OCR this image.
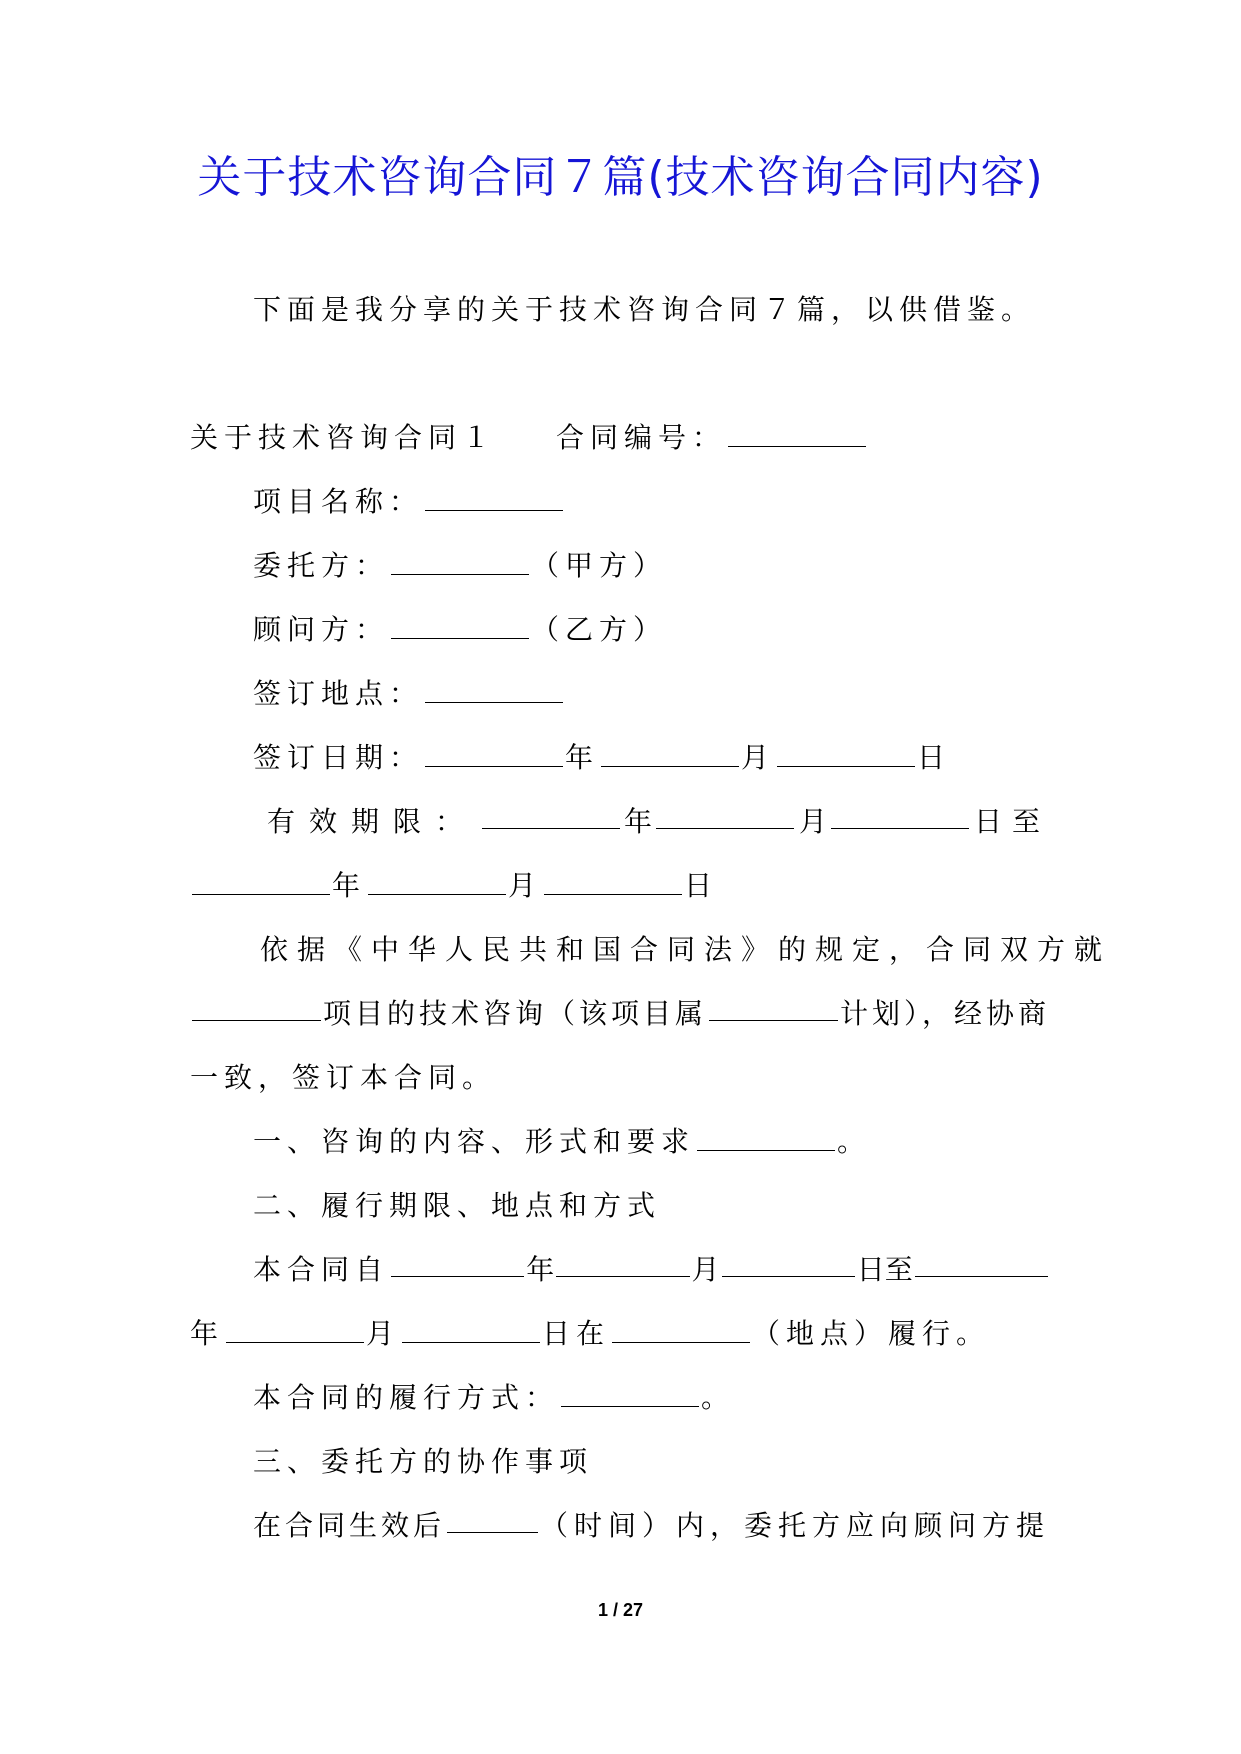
关于技术咨询合同７篇(技术咨询合同内容)
下面是我分享的关于技术咨询合同７篇，以供借鉴。
关于技术咨询合同１ 合同编号：
项目名称：
委托方：	（甲方）
顾问方：	（乙方）
签订地点：
签订日期：	年	月	日
有效期限：	年	月	日至
年	月	日
依据《中华人民共和国合同法》的规定，合同双方就
项目的技术咨询（该项目属	计划），经协商
一致，签订本合同。
一、咨询的内容、形式和要求	。
二、履行期限、地点和方式
本合同自	年	月	日至
年	月	日在	（地点）履行。
本合同的履行方式：	。
三、委托方的协作事项
在合同生效后	（时间）内，委托方应向顾问方提
1 / 27
